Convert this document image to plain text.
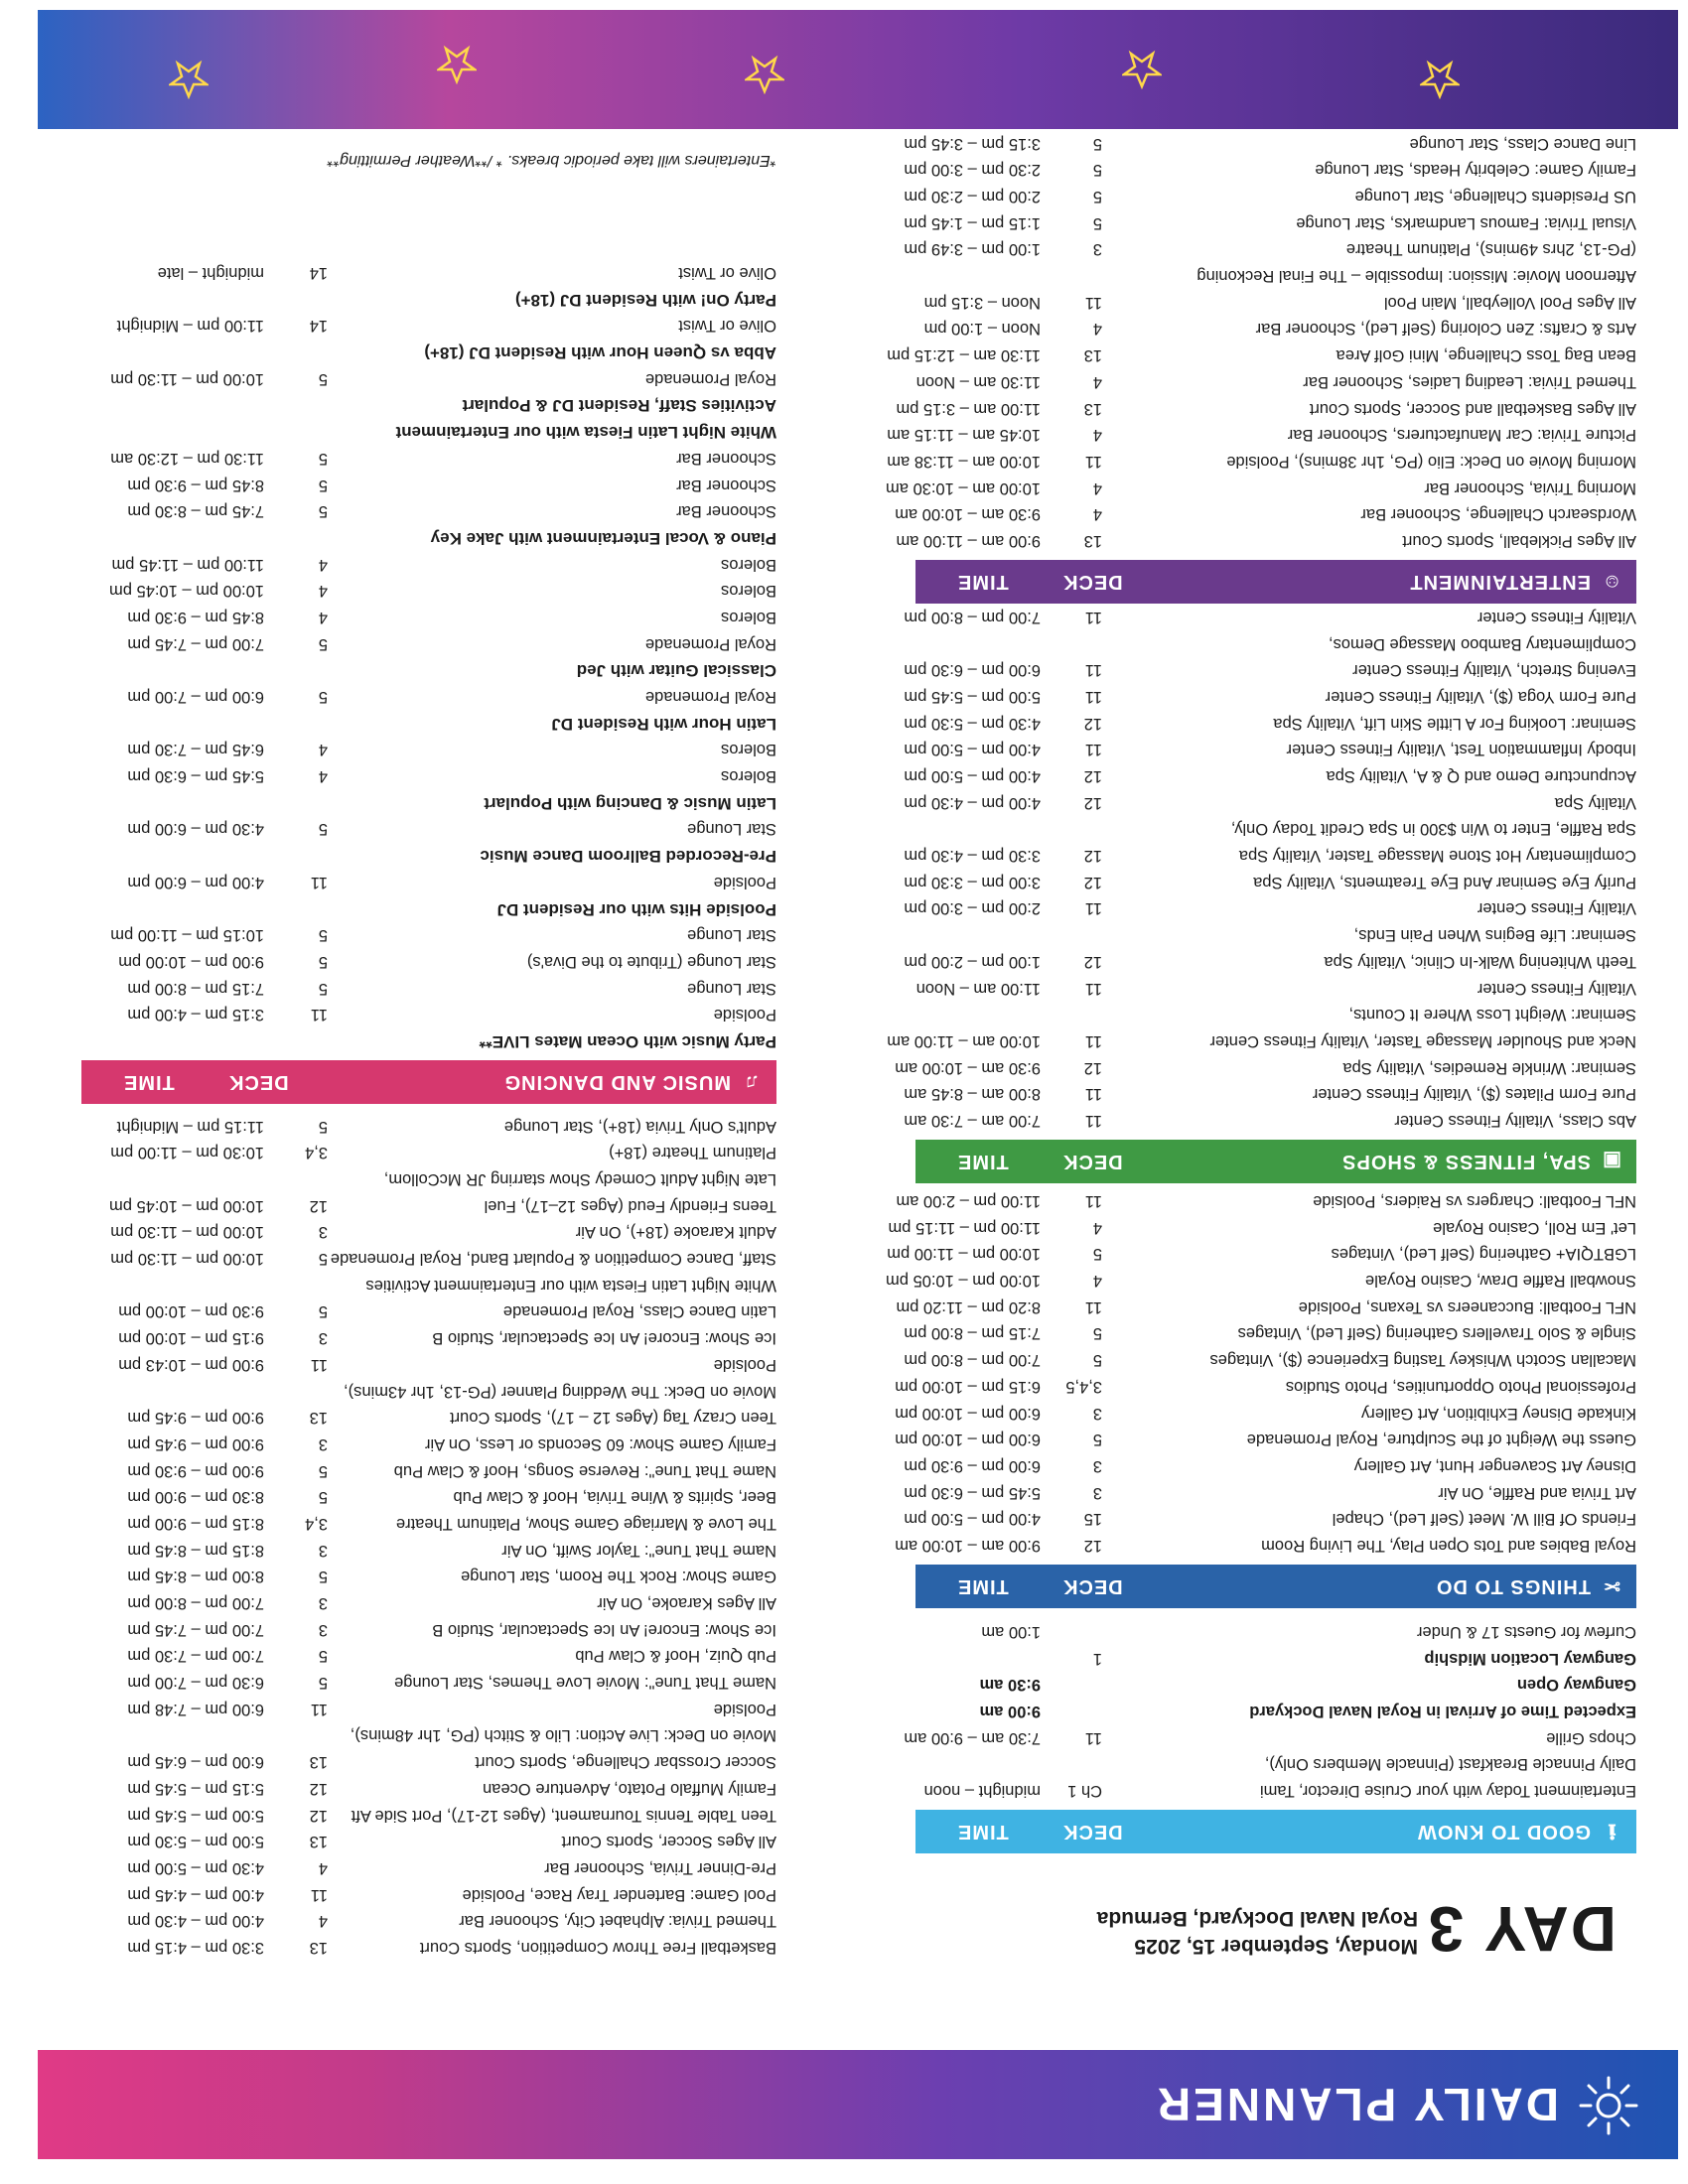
DAILY PLANNER
DAY 3
Monday, September 15, 2025
Royal Naval Dockyard, Bermuda
ℹ
GOOD TO KNOW
DECK
TIME
Entertainment Today with your Cruise Director, Tami
Ch 1
midnight – noon
Daily Pinnacle Breakfast (Pinnacle Members Only),
Chops Grille
11
7:30 am – 9:00 am
Expected Time of Arrival in Royal Naval Dockyard
9:00 am
Gangway Open
9:30 am
Gangway Location Midship
1
Curfew for Guests 17 & Under
1:00 am
✂
THINGS TO DO
DECK
TIME
Royal Babies and Tots Open Play, The Living Room
12
9:00 am – 10:00 am
Friends Of Bill W. Meet (Self Led), Chapel
15
4:00 pm – 5:00 pm
Art Trivia and Raffle, On Air
3
5:45 pm – 6:30 pm
Disney Art Scavenger Hunt, Art Gallery
3
6:00 pm – 9:30 pm
Guess the Weight of the Sculpture, Royal Promenade
5
6:00 pm – 10:00 pm
Kinkade Disney Exhibition, Art Gallery
3
6:00 pm – 10:00 pm
Professional Photo Opportunities, Photo Studios
3,4,5
6:15 pm – 10:00 pm
Macallan Scotch Whiskey Tasting Experience ($), Vintages
5
7:00 pm – 8:00 pm
Single & Solo Travellers Gathering (Self Led), Vintages
5
7:15 pm – 8:00 pm
NFL Football: Buccaneers vs Texans, Poolside
11
8:20 pm – 11:20 pm
Snowball Raffle Draw, Casino Royale
4
10:00 pm – 10:05 pm
LGBTQIA+ Gathering (Self Led), Vintages
5
10:00 pm – 11:00 pm
Let' Em Roll, Casino Royale
4
11:00 pm – 11:15 pm
NFL Football: Chargers vs Raiders, Poolside
11
11:00 pm – 2:00 am
▣
SPA, FITNESS & SHOPS
DECK
TIME
Abs Class, Vitality Fitness Center
11
7:00 am – 7:30 am
Pure Form Pilates ($), Vitality Fitness Center
11
8:00 am – 8:45 am
Seminar: Wrinkle Remedies, Vitality Spa
12
9:30 am – 10:00 am
Neck and Shoulder Massage Taster, Vitality Fitness Center
11
10:00 am – 11:00 am
Seminar: Weight Loss Where It Counts,
Vitality Fitness Center
11
11:00 am – Noon
Teeth Whitening Walk-In Clinic, Vitality Spa
12
1:00 pm – 2:00 pm
Seminar: Life Begins When Pain Ends,
Vitality Fitness Center
11
2:00 pm – 3:00 pm
Purify Eye Seminar And Eye Treatments, Vitality Spa
12
3:00 pm – 3:30 pm
Complimentary Hot Stone Massage Taster, Vitality Spa
12
3:30 pm – 4:30 pm
Spa Raffle, Enter to Win $300 in Spa Credit Today Only,
Vitality Spa
12
4:00 pm – 4:30 pm
Acupuncture Demo and Q & A, Vitality Spa
12
4:00 pm – 5:00 pm
Inbody Inflammation Test, Vitality Fitness Center
11
4:00 pm – 5:00 pm
Seminar: Looking For A Little Skin Lift, Vitality Spa
12
4:30 pm – 5:30 pm
Pure Form Yoga ($), Vitality Fitness Center
11
5:00 pm – 5:45 pm
Evening Stretch, Vitality Fitness Center
11
6:00 pm – 6:30 pm
Complimentary Bamboo Massage Demos,
Vitality Fitness Center
11
7:00 pm – 8:00 pm
☺
ENTERTAINMENT
DECK
TIME
All Ages Pickleball, Sports Court
13
9:00 am – 11:00 am
Wordsearch Challenge, Schooner Bar
4
9:30 am – 10:00 am
Morning Trivia, Schooner Bar
4
10:00 am – 10:30 am
Morning Movie on Deck: Elio (PG, 1hr 38mins), Poolside
11
10:00 am – 11:38 am
Picture Trivia: Car Manufacturers, Schooner Bar
4
10:45 am – 11:15 am
All Ages Basketball and Soccer, Sports Court
13
11:00 am – 3:15 pm
Themed Trivia: Leading Ladies, Schooner Bar
4
11:30 am – Noon
Bean Bag Toss Challenge, Mini Golf Area
13
11:30 am – 12:15 pm
Arts & Crafts: Zen Coloring (Self Led), Schooner Bar
4
Noon – 1:00 pm
All Ages Pool Volleyball, Main Pool
11
Noon – 3:15 pm
Afternoon Movie: Mission: Impossible – The Final Reckoning
(PG-13, 2hrs 49mins), Platinum Theatre
3
1:00 pm – 3:49 pm
Visual Trivia: Famous Landmarks, Star Lounge
5
1:15 pm – 1:45 pm
US Presidents Challenge, Star Lounge
5
2:00 pm – 2:30 pm
Family Game: Celebrity Heads, Star Lounge
5
2:30 pm – 3:00 pm
Line Dance Class, Star Lounge
5
3:15 pm – 3:45 pm
Basketball Free Throw Competition, Sports Court
13
3:30 pm – 4:15 pm
Themed Trivia: Alphabet City, Schooner Bar
4
4:00 pm – 4:30 pm
Pool Game: Bartender Tray Race, Poolside
11
4:00 pm – 4:45 pm
Pre-Dinner Trivia, Schooner Bar
4
4:30 pm – 5:00 pm
All Ages Soccer, Sports Court
13
5:00 pm – 5:30 pm
Teen Table Tennis Tournament, (Ages 12-17), Port Side Aft
12
5:00 pm – 5:45 pm
Family Muffalo Potato, Adventure Ocean
12
5:15 pm – 5:45 pm
Soccer Crossbar Challenge, Sports Court
13
6:00 pm – 6:45 pm
Movie on Deck: Live Action: Lilo & Stitch (PG, 1hr 48mins),
Poolside
11
6:00 pm – 7:48 pm
Name That Tune": Movie Love Themes, Star Lounge
5
6:30 pm – 7:00 pm
Pub Quiz, Hoof & Claw Pub
5
7:00 pm – 7:30 pm
Ice Show: Encore! An Ice Spectacular, Studio B
3
7:00 pm – 7:45 pm
All Ages Karaoke, On Air
3
7:00 pm – 8:00 pm
Game Show: Rock The Room, Star Lounge
5
8:00 pm – 8:45 pm
Name That Tune": Taylor Swift, On Air
3
8:15 pm – 8:45 pm
The Love & Marriage Game Show, Platinum Theatre
3,4
8:15 pm – 9:00 pm
Beer, Spirits & Wine Trivia, Hoof & Claw Pub
5
8:30 pm – 9:00 pm
Name That Tune": Reverse Songs, Hoof & Claw Pub
5
9:00 pm – 9:30 pm
Family Game Show: 60 Seconds or Less, On Air
3
9:00 pm – 9:45 pm
Teen Crazy Tag (Ages 12 – 17), Sports Court
13
9:00 pm – 9:45 pm
Movie on Deck: The Wedding Planner (PG-13, 1hr 43mins),
Poolside
11
9:00 pm – 10:43 pm
Ice Show: Encore! An Ice Spectacular, Studio B
3
9:15 pm – 10:00 pm
Latin Dance Class, Royal Promenade
5
9:30 pm – 10:00 pm
White Night Latin Fiesta with our Entertainment Activities
Staff, Dance Competition & Populart Band, Royal Promenade
5
10:00 pm – 11:30 pm
Adult Karaoke (18+), On Air
3
10:00 pm – 11:30 pm
Teens Friendly Feud (Ages 12–17), Fuel
12
10:00 pm – 10:45 pm
Late Night Adult Comedy Show starring JR McCollom,
Platinum Theatre (18+)
3,4
10:30 pm – 11:00 pm
Adult's Only Trivia (18+), Star Lounge
5
11:15 pm – Midnight
♫
MUSIC AND DANCING
DECK
TIME
Party Music with Ocean Mates LIVE**
Poolside
11
3:15 pm – 4:00 pm
Star Lounge
5
7:15 pm – 8:00 pm
Star Lounge (Tribute to the Diva's)
5
9:00 pm – 10:00 pm
Star Lounge
5
10:15 pm – 11:00 pm
Poolside Hits with our Resident DJ
Poolside
11
4:00 pm – 6:00 pm
Pre-Recorded Ballroom Dance Music
Star Lounge
5
4:30 pm – 6:00 pm
Latin Music & Dancing with Populart
Boleros
4
5:45 pm – 6:30 pm
Boleros
4
6:45 pm – 7:30 pm
Latin Hour with Resident DJ
Royal Promenade
5
6:00 pm – 7:00 pm
Classical Guitar with Jed
Royal Promenade
5
7:00 pm – 7:45 pm
Boleros
4
8:45 pm – 9:30 pm
Boleros
4
10:00 pm – 10:45 pm
Boleros
4
11:00 pm – 11:45 pm
Piano & Vocal Entertainment with Jake Key
Schooner Bar
5
7:45 pm – 8:30 pm
Schooner Bar
5
8:45 pm – 9:30 pm
Schooner Bar
5
11:30 pm – 12:30 am
White Night Latin Fiesta with our Entertainment
Activities Staff, Resident DJ & Populart
Royal Promenade
5
10:00 pm – 11:30 pm
Abba vs Queen Hour with Resident DJ (18+)
Olive or Twist
14
11:00 pm – Midnight
Party On! with Resident DJ (18+)
Olive or Twist
14
midnight – late
*Entertainers will take periodic breaks. * /**Weather Permitting**
